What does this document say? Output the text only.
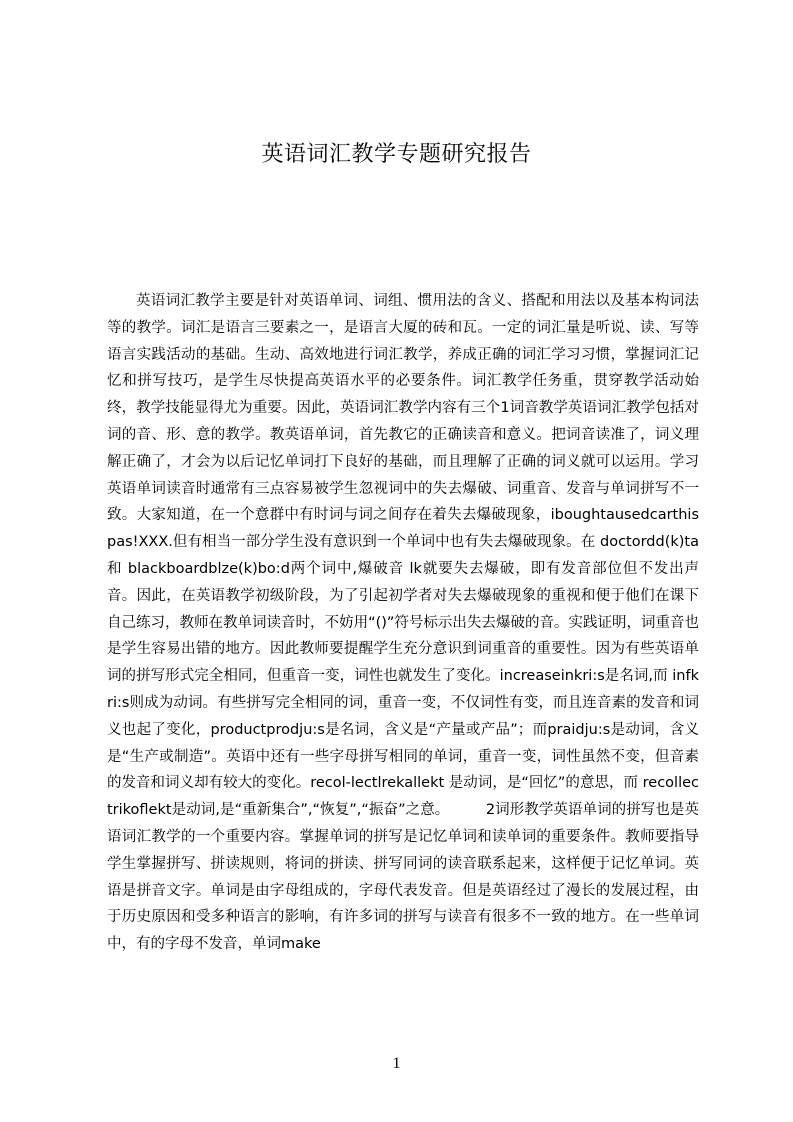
英语词汇教学专题研究报告

英语词汇教学主要是针对英语单词、词组、惯用法的含义、搭配和用法以及基本构词法等的教学。词汇是语言三要素之一，是语言大厦的砖和瓦。一定的词汇量是听说、读、写等语言实践活动的基础。生动、高效地进行词汇教学，养成正确的词汇学习习惯，掌握词汇记忆和拼写技巧，是学生尽快提高英语水平的必要条件。词汇教学任务重，贯穿教学活动始终，教学技能显得尤为重要。因此，英语词汇教学内容有三个1词音教学英语词汇教学包括对词的音、形、意的教学。教英语单词，首先教它的正确读音和意义。把词音读准了，词义理解正确了，才会为以后记忆单词打下良好的基础，而且理解了正确的词义就可以运用。学习英语单词读音时通常有三点容易被学生忽视词中的失去爆破、词重音、发音与单词拼写不一致。大家知道，在一个意群中有时词与词之间存在着失去爆破现象，iboughtausedcarthispas!XXX.但有相当一部分学生没有意识到一个单词中也有失去爆破现象。在 doctordd(k)ta 和 blackboardblze(k)bo:d两个词中,爆破音 lk就要失去爆破，即有发音部位但不发出声音。因此，在英语教学初级阶段，为了引起初学者对失去爆破现象的重视和便于他们在课下自己练习，教师在教单词读音时，不妨用“()”符号标示出失去爆破的音。实践证明，词重音也是学生容易出错的地方。因此教师要提醒学生充分意识到词重音的重要性。因为有些英语单词的拼写形式完全相同，但重音一变，词性也就发生了变化。increaseinkri:s是名词,而 infkri:s则成为动词。有些拼写完全相同的词，重音一变，不仅词性有变，而且连音素的发音和词义也起了变化，productprodju:s是名词，含义是“产量或产品”；而praidju:s是动词，含义是“生产或制造”。英语中还有一些字母拼写相同的单词，重音一变，词性虽然不变，但音素的发音和词义却有较大的变化。recol-lectlrekallekt 是动词，是“回忆”的意思，而 recollectrikoflekt是动词,是“重新集合”,“恢复”,“振奋”之意。　　　2词形教学英语单词的拼写也是英语词汇教学的一个重要内容。掌握单词的拼写是记忆单词和读单词的重要条件。教师要指导学生掌握拼写、拼读规则，将词的拼读、拼写同词的读音联系起来，这样便于记忆单词。英语是拼音文字。单词是由字母组成的，字母代表发音。但是英语经过了漫长的发展过程，由于历史原因和受多种语言的影响，有许多词的拼写与读音有很多不一致的地方。在一些单词中，有的字母不发音，单词make

1
